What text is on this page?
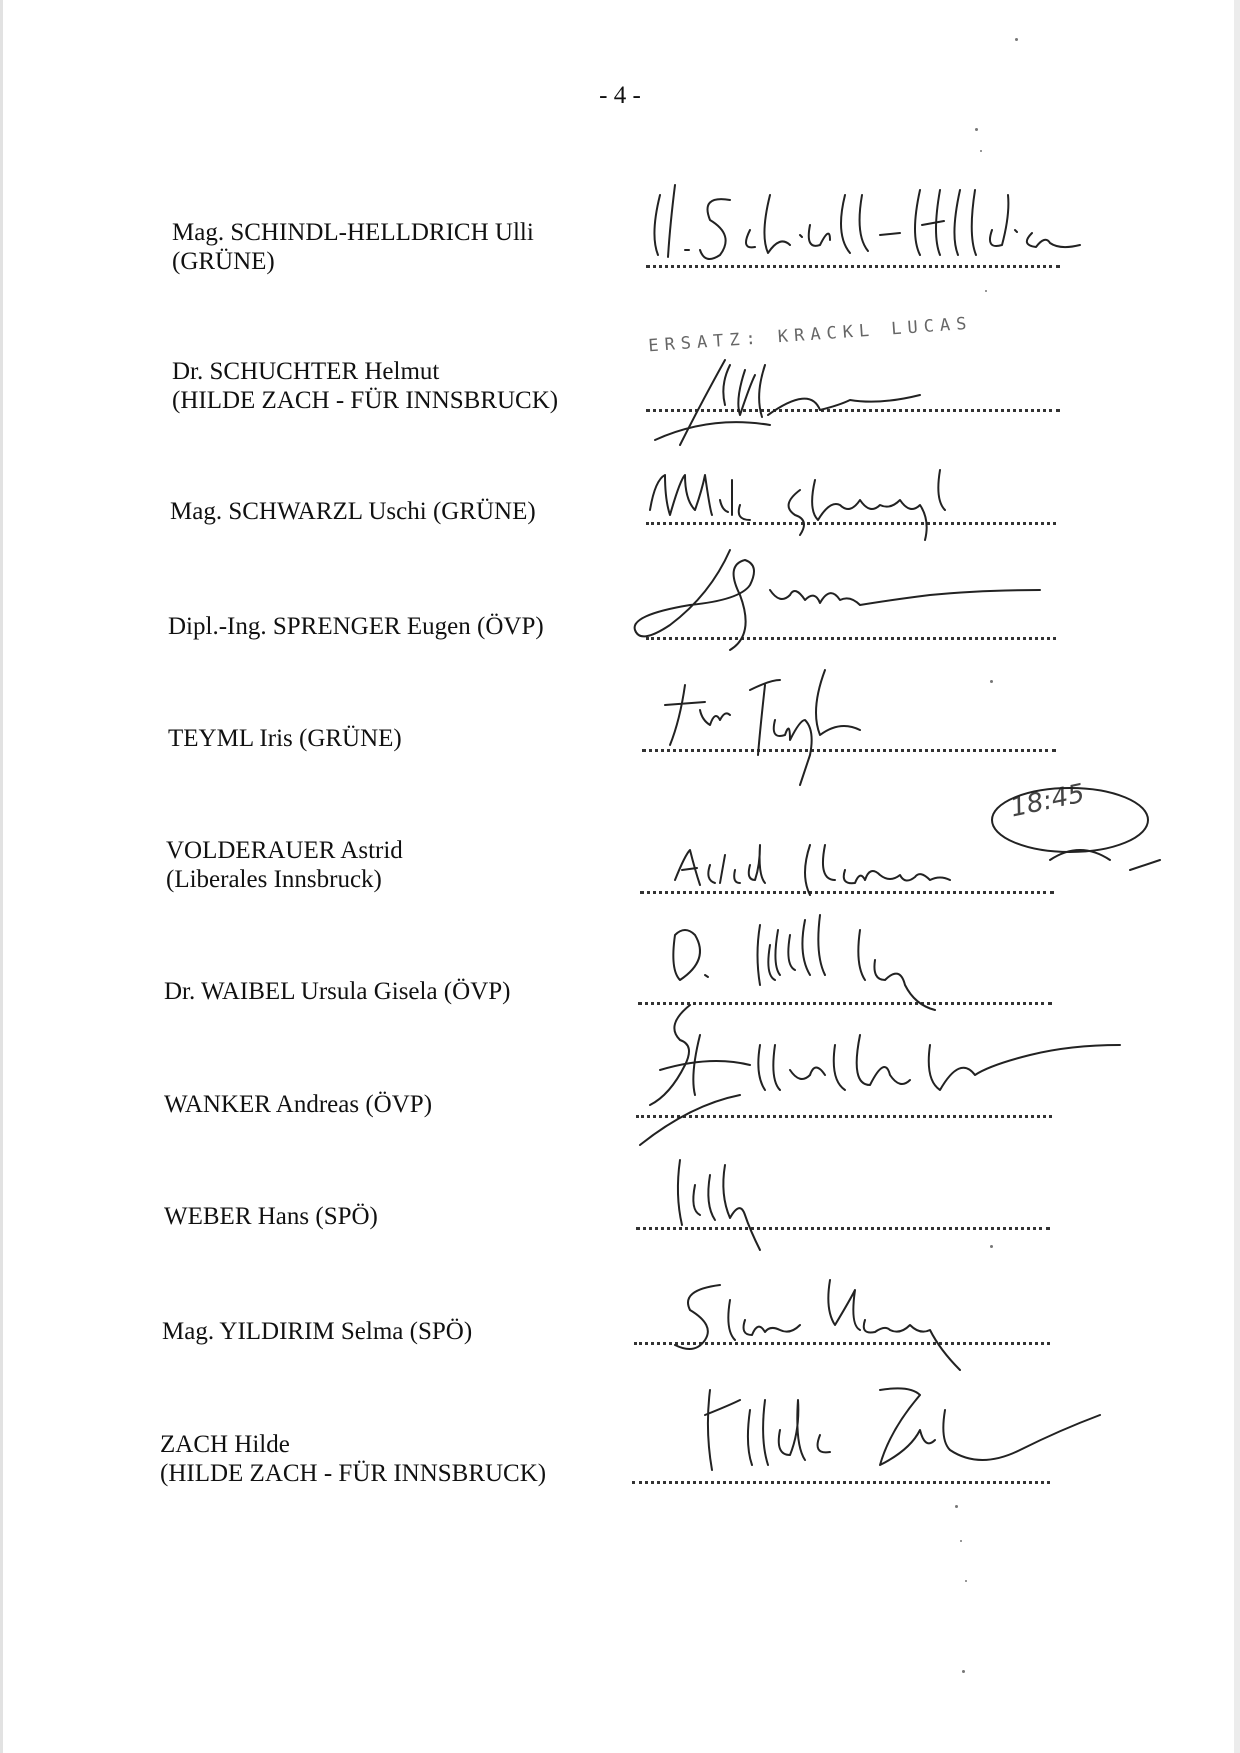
- 4 -
Mag. SCHINDL-HELLDRICH Ulli
(GRÜNE)
Dr. SCHUCHTER Helmut
(HILDE ZACH - FÜR INNSBRUCK)
ERSATZ: KRACKL LUCAS
Mag. SCHWARZL Uschi (GRÜNE)
Dipl.-Ing. SPRENGER Eugen (ÖVP)
TEYML Iris (GRÜNE)
VOLDERAUER Astrid
(Liberales Innsbruck)
18:45
Dr. WAIBEL Ursula Gisela (ÖVP)
WANKER Andreas (ÖVP)
WEBER Hans (SPÖ)
Mag. YILDIRIM Selma (SPÖ)
ZACH Hilde
(HILDE ZACH - FÜR INNSBRUCK)
